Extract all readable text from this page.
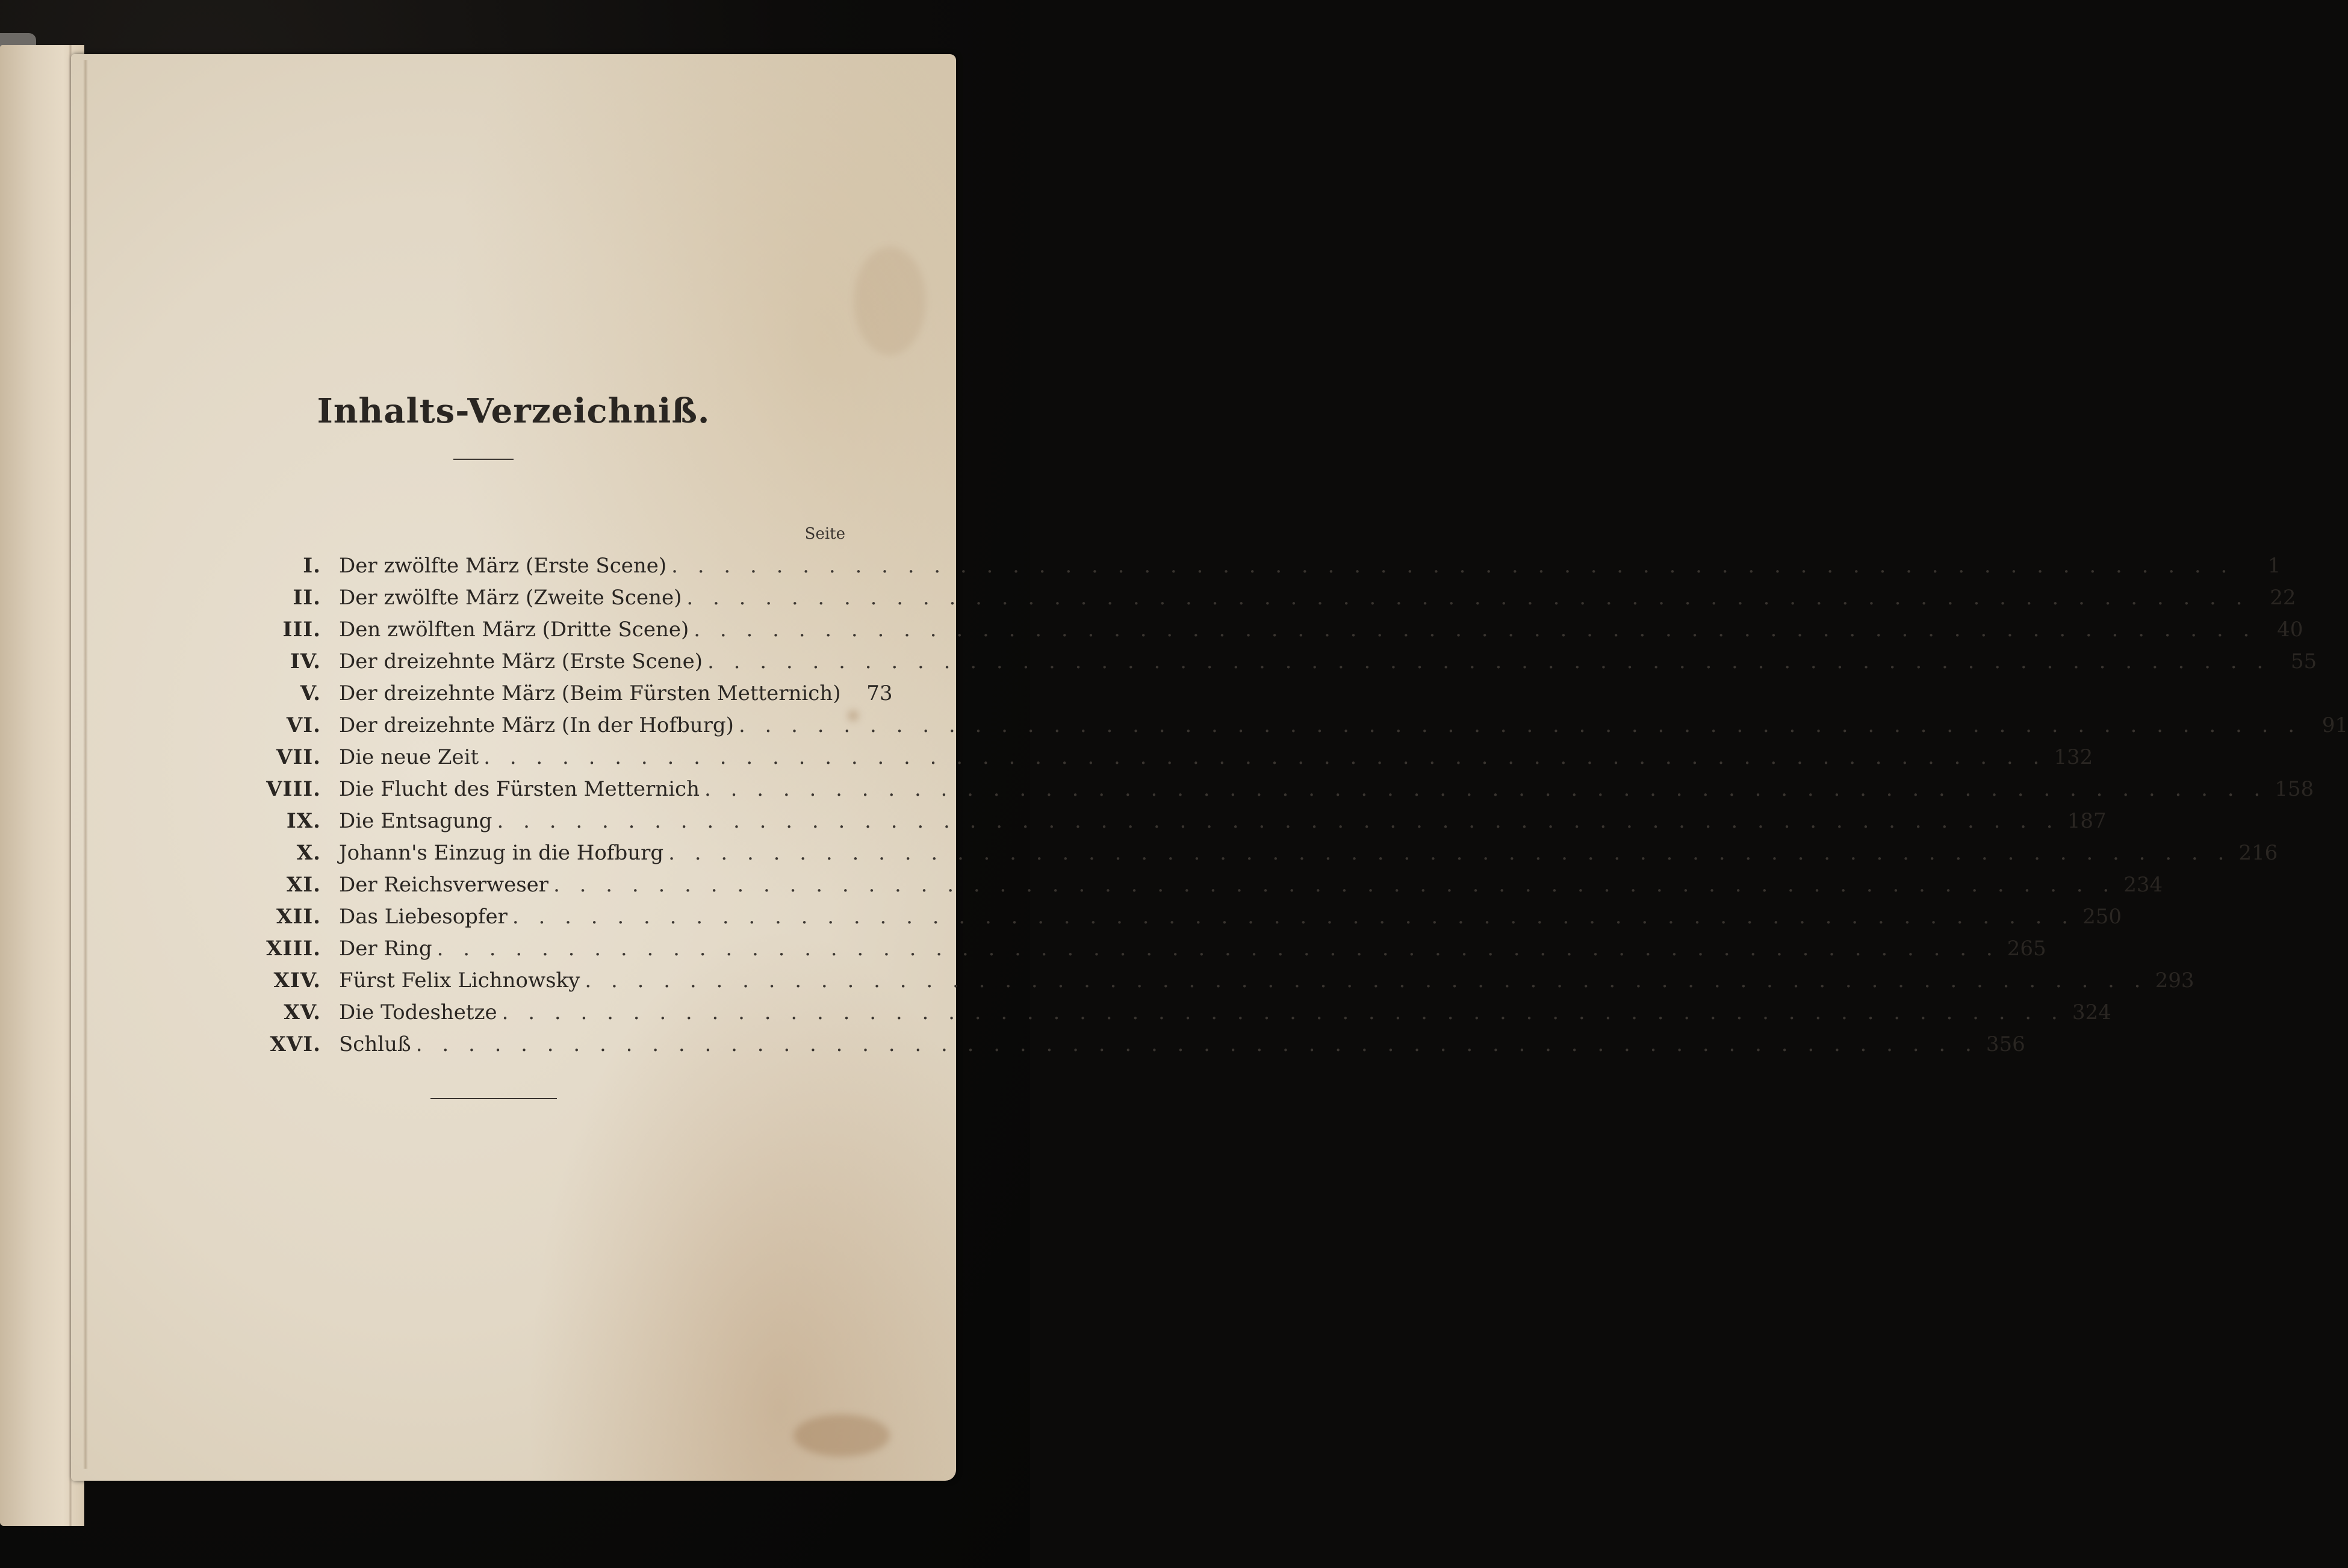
Inhalts-Verzeichniß.
Seite
I. Der zwölfte März (Erste Scene) . . . . . . . . . . . . . . . . . . . . . . . . . . . . . . . . . . . . . . . . . . . . . . . . . . . . . . . . . . . .	1
II. Der zwölfte März (Zweite Scene) . . . . . . . . . . . . . . . . . . . . . . . . . . . . . . . . . . . . . . . . . . . . . . . . . . . . . . . . . . . .	22
III. Den zwölften März (Dritte Scene) . . . . . . . . . . . . . . . . . . . . . . . . . . . . . . . . . . . . . . . . . . . . . . . . . . . . . . . . . . . .	40
IV. Der dreizehnte März (Erste Scene) . . . . . . . . . . . . . . . . . . . . . . . . . . . . . . . . . . . . . . . . . . . . . . . . . . . . . . . . . . . .	55
V. Der dreizehnte März (Beim Fürsten Metternich)	73
VI. Der dreizehnte März (In der Hofburg) . . . . . . . . . . . . . . . . . . . . . . . . . . . . . . . . . . . . . . . . . . . . . . . . . . . . . . . . . . . .	91
VII. Die neue Zeit . . . . . . . . . . . . . . . . . . . . . . . . . . . . . . . . . . . . . . . . . . . . . . . . . . . . . . . . . . . . 132
VIII. Die Flucht des Fürsten Metternich . . . . . . . . . . . . . . . . . . . . . . . . . . . . . . . . . . . . . . . . . . . . . . . . . . . . . . . . . . . . 158
IX. Die Entsagung . . . . . . . . . . . . . . . . . . . . . . . . . . . . . . . . . . . . . . . . . . . . . . . . . . . . . . . . . . . . 187
X. Johann's Einzug in die Hofburg . . . . . . . . . . . . . . . . . . . . . . . . . . . . . . . . . . . . . . . . . . . . . . . . . . . . . . . . . . . . 216
XI. Der Reichsverweser . . . . . . . . . . . . . . . . . . . . . . . . . . . . . . . . . . . . . . . . . . . . . . . . . . . . . . . . . . . . 234
XII. Das Liebesopfer . . . . . . . . . . . . . . . . . . . . . . . . . . . . . . . . . . . . . . . . . . . . . . . . . . . . . . . . . . . . 250
XIII. Der Ring . . . . . . . . . . . . . . . . . . . . . . . . . . . . . . . . . . . . . . . . . . . . . . . . . . . . . . . . . . . . 265
XIV. Fürst Felix Lichnowsky . . . . . . . . . . . . . . . . . . . . . . . . . . . . . . . . . . . . . . . . . . . . . . . . . . . . . . . . . . . . 293
XV. Die Todeshetze . . . . . . . . . . . . . . . . . . . . . . . . . . . . . . . . . . . . . . . . . . . . . . . . . . . . . . . . . . . . 324
XVI. Schluß . . . . . . . . . . . . . . . . . . . . . . . . . . . . . . . . . . . . . . . . . . . . . . . . . . . . . . . . . . . . 356
